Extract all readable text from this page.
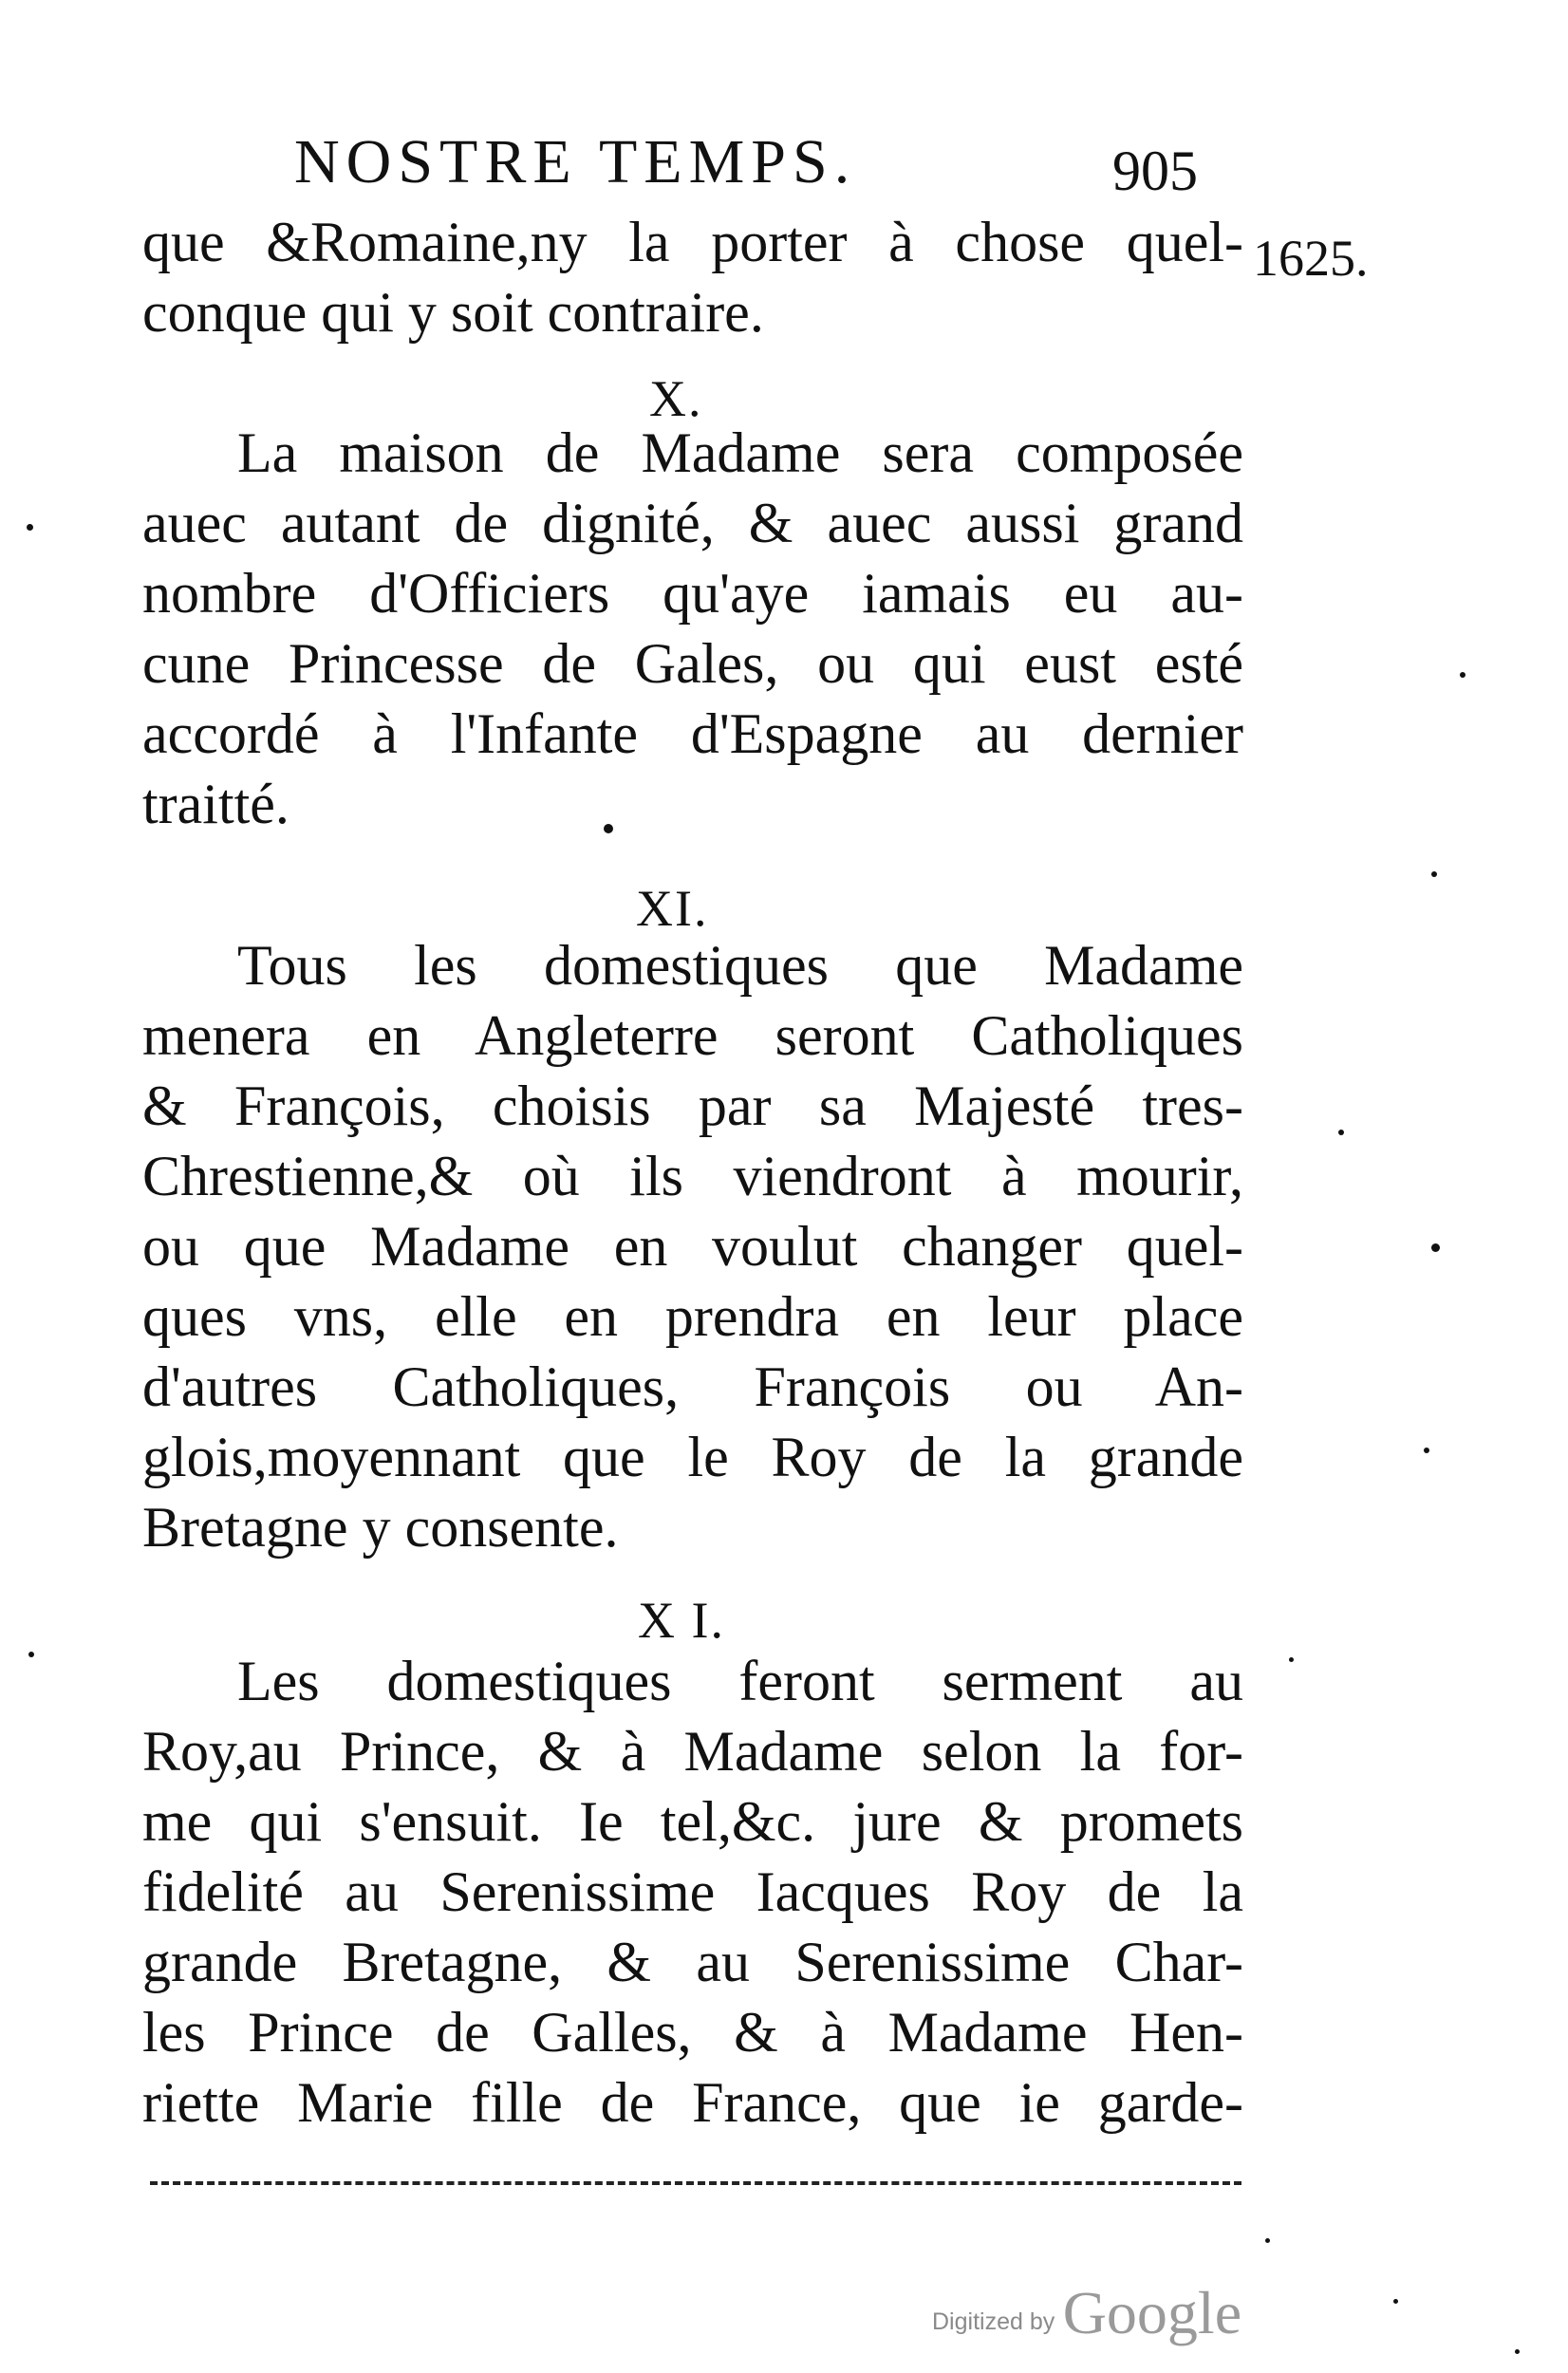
NOSTRE TEMPS.	905
1625.
que &Romaine,ny la porter à chose quel-
conque qui y soit contraire.
X.
La maison de Madame sera composée
auec autant de dignité, & auec aussi grand
nombre d'Officiers qu'aye iamais eu au-
cune Princesse de Gales, ou qui eust esté
accordé à l'Infante d'Espagne au dernier
traitté.
XI.
Tous les domestiques que Madame
menera en Angleterre seront Catholiques
& François, choisis par sa Majesté tres-
Chrestienne,& où ils viendront à mourir,
ou que Madame en voulut changer quel-
ques vns, elle en prendra en leur place
d'autres Catholiques, François ou An-
glois,moyennant que le Roy de la grande
Bretagne y consente.
X I.
Les domestiques feront serment au
Roy,au Prince, & à Madame selon la for-
me qui s'ensuit. Ie tel,&c. jure & promets
fidelité au Serenissime Iacques Roy de la
grande Bretagne, & au Serenissime Char-
les Prince de Galles, & à Madame Hen-
riette Marie fille de France, que ie garde-
Digitized by Google
